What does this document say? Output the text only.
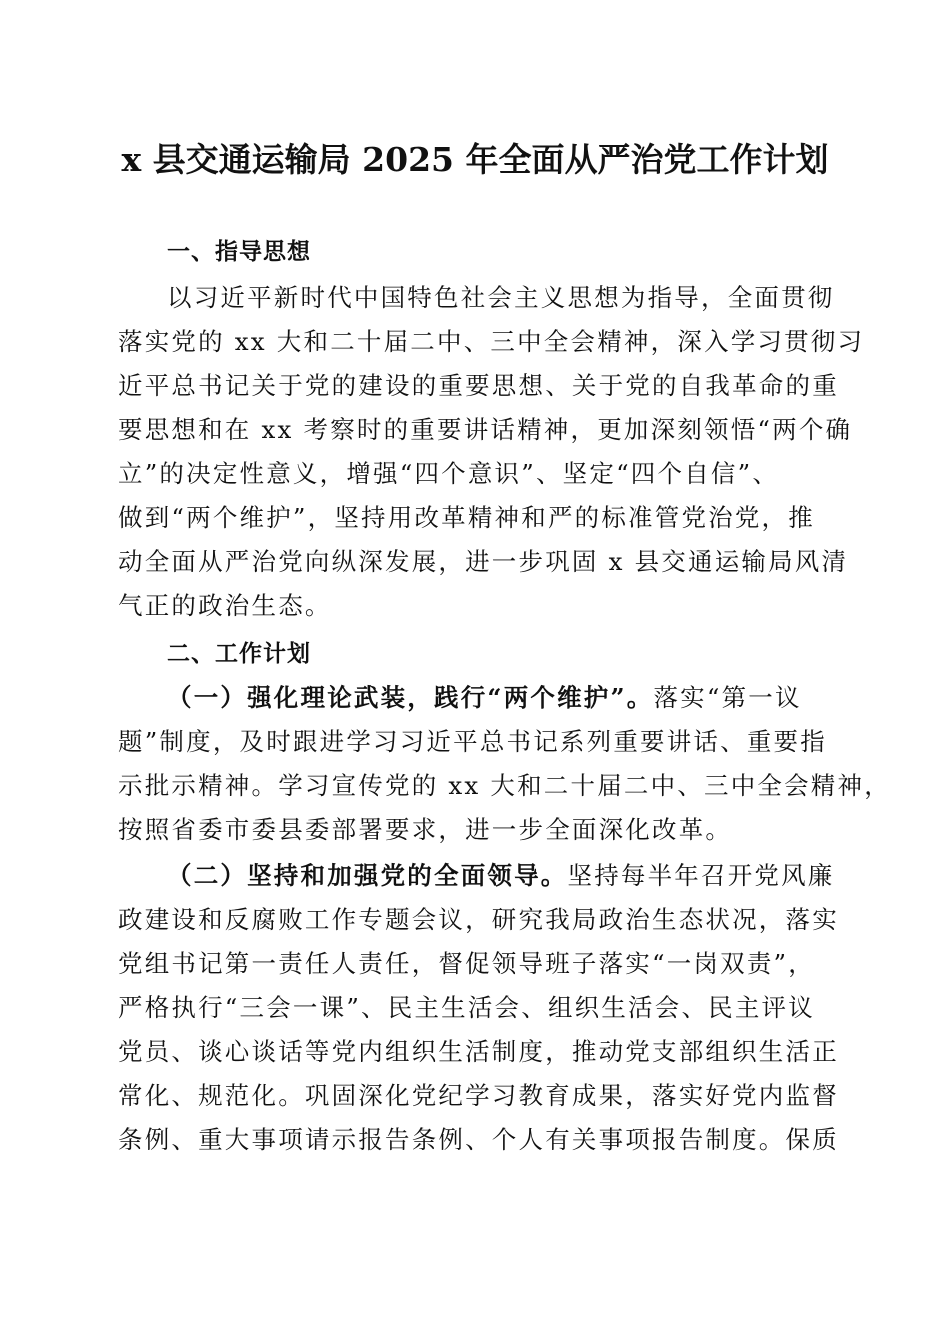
x 县交通运输局 2025 年全面从严治党工作计划
一、指导思想
以习近平新时代中国特色社会主义思想为指导，全面贯彻
落实党的 xx 大和二十届二中、三中全会精神，深入学习贯彻习
近平总书记关于党的建设的重要思想、关于党的自我革命的重
要思想和在 xx 考察时的重要讲话精神，更加深刻领悟“两个确
立”的决定性意义，增强“四个意识”、坚定“四个自信”、
做到“两个维护”，坚持用改革精神和严的标准管党治党，推
动全面从严治党向纵深发展，进一步巩固 x 县交通运输局风清
气正的政治生态。
二、工作计划
（一）强化理论武装，践行“两个维护”。落实“第一议
题”制度，及时跟进学习习近平总书记系列重要讲话、重要指
示批示精神。学习宣传党的 xx 大和二十届二中、三中全会精神，
按照省委市委县委部署要求，进一步全面深化改革。
（二）坚持和加强党的全面领导。坚持每半年召开党风廉
政建设和反腐败工作专题会议，研究我局政治生态状况，落实
党组书记第一责任人责任，督促领导班子落实“一岗双责”，
严格执行“三会一课”、民主生活会、组织生活会、民主评议
党员、谈心谈话等党内组织生活制度，推动党支部组织生活正
常化、规范化。巩固深化党纪学习教育成果，落实好党内监督
条例、重大事项请示报告条例、个人有关事项报告制度。保质
